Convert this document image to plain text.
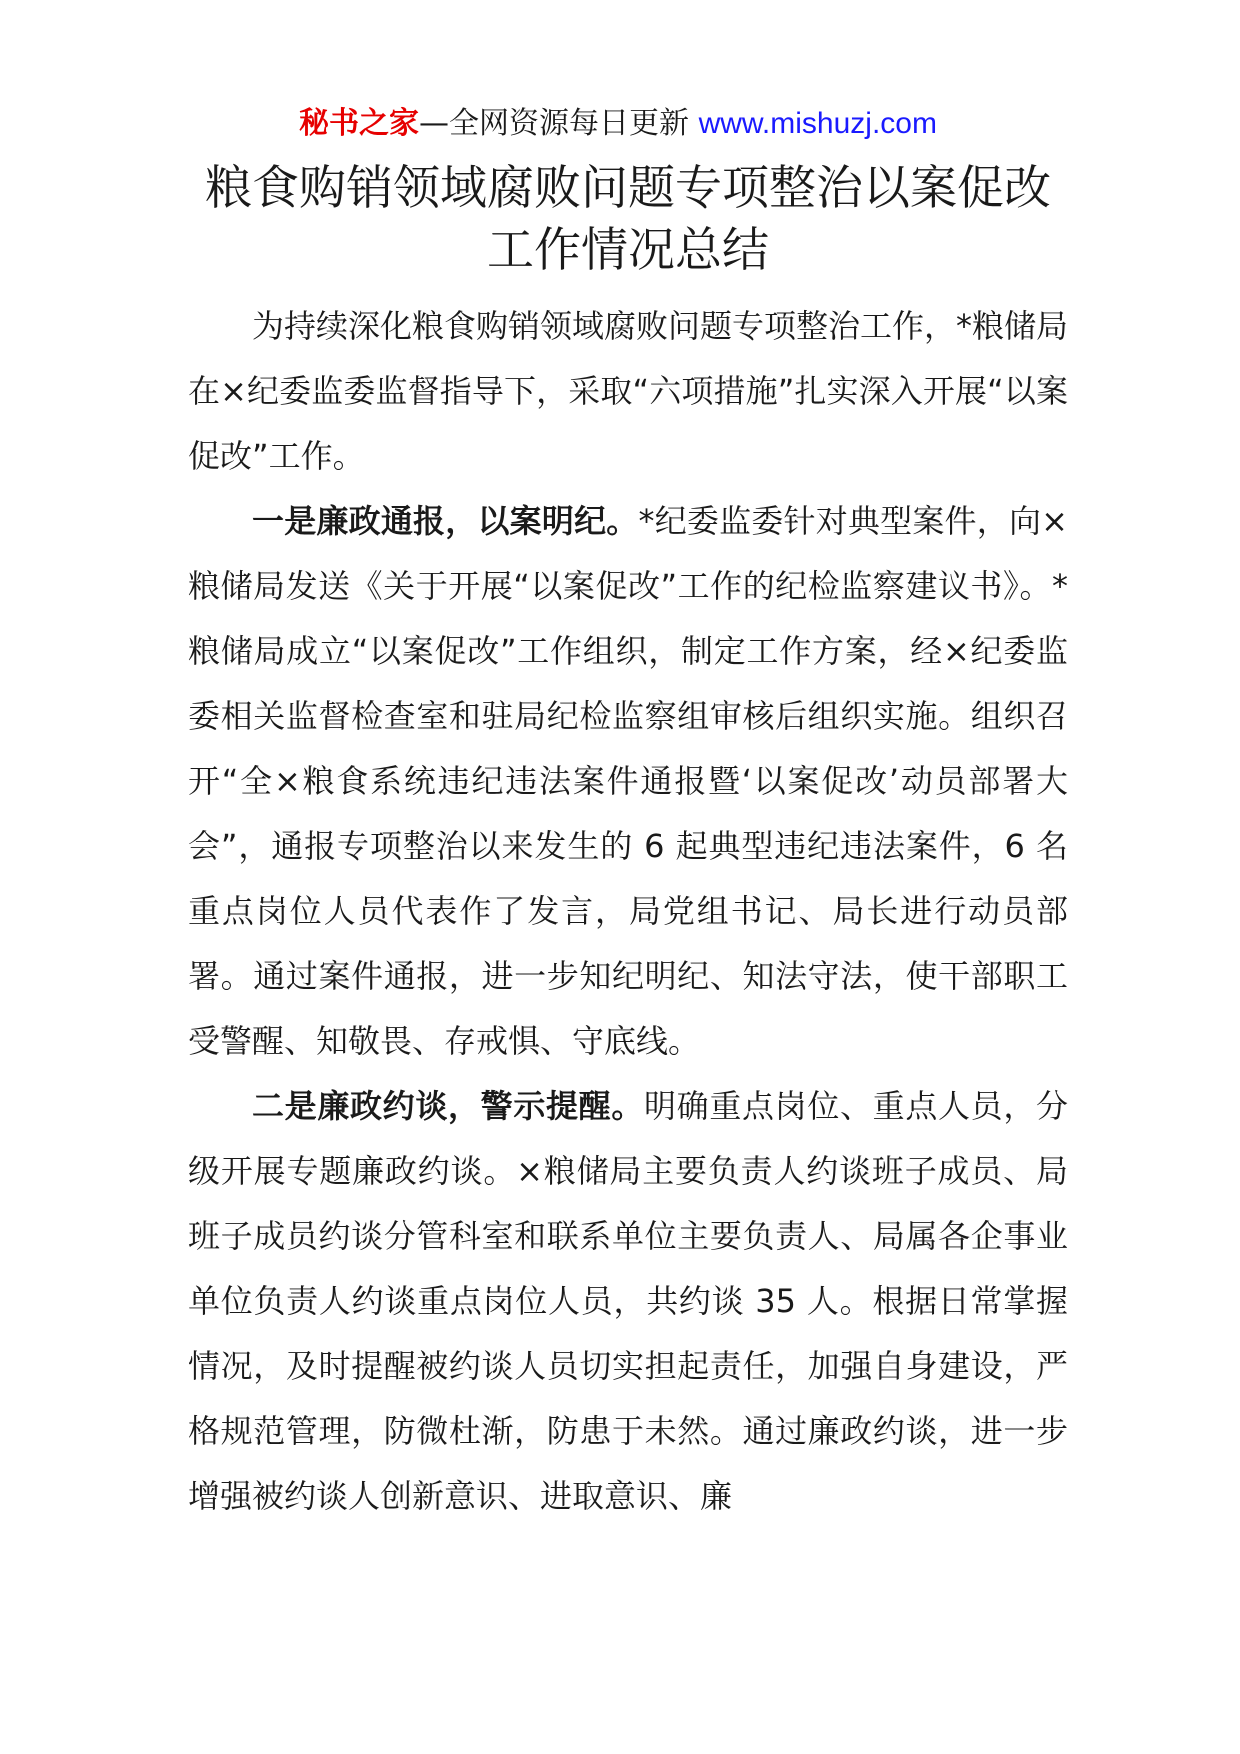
秘书之家—全网资源每日更新 www.mishuzj.com
粮食购销领域腐败问题专项整治以案促改
工作情况总结

为持续深化粮食购销领域腐败问题专项整治工作，*粮储局在×纪委监委监督指导下，采取“六项措施”扎实深入开展“以案促改”工作。

一是廉政通报，以案明纪。*纪委监委针对典型案件，向×粮储局发送《关于开展“以案促改”工作的纪检监察建议书》。*粮储局成立“以案促改”工作组织，制定工作方案，经×纪委监委相关监督检查室和驻局纪检监察组审核后组织实施。组织召开“全×粮食系统违纪违法案件通报暨‘以案促改’动员部署大会”，通报专项整治以来发生的 6 起典型违纪违法案件，6 名重点岗位人员代表作了发言，局党组书记、局长进行动员部署。通过案件通报，进一步知纪明纪、知法守法，使干部职工受警醒、知敬畏、存戒惧、守底线。

二是廉政约谈，警示提醒。明确重点岗位、重点人员，分级开展专题廉政约谈。×粮储局主要负责人约谈班子成员、局班子成员约谈分管科室和联系单位主要负责人、局属各企事业单位负责人约谈重点岗位人员，共约谈 35 人。根据日常掌握情况，及时提醒被约谈人员切实担起责任，加强自身建设，严格规范管理，防微杜渐，防患于未然。通过廉政约谈，进一步增强被约谈人创新意识、进取意识、廉
